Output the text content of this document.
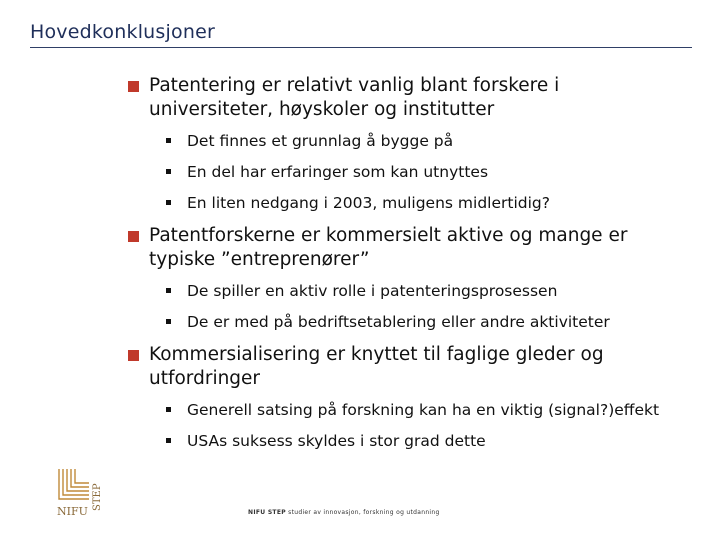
Hovedkonklusjoner
Patentering er relativt vanlig blant forskere i universiteter, høyskoler og institutter
Det finnes et grunnlag å bygge på
En del har erfaringer som kan utnyttes
En liten nedgang i 2003, muligens midlertidig?
Patentforskerne er kommersielt aktive og mange er typiske ”entreprenører”
De spiller en aktiv rolle i patenteringsprosessen
De er med på bedriftsetablering eller andre aktiviteter
Kommersialisering er knyttet til faglige gleder og utfordringer
Generell satsing på forskning kan ha en viktig (signal?)effekt
USAs suksess skyldes i stor grad dette
NIFU
STEP
NIFU STEP studier av innovasjon, forskning og utdanning
